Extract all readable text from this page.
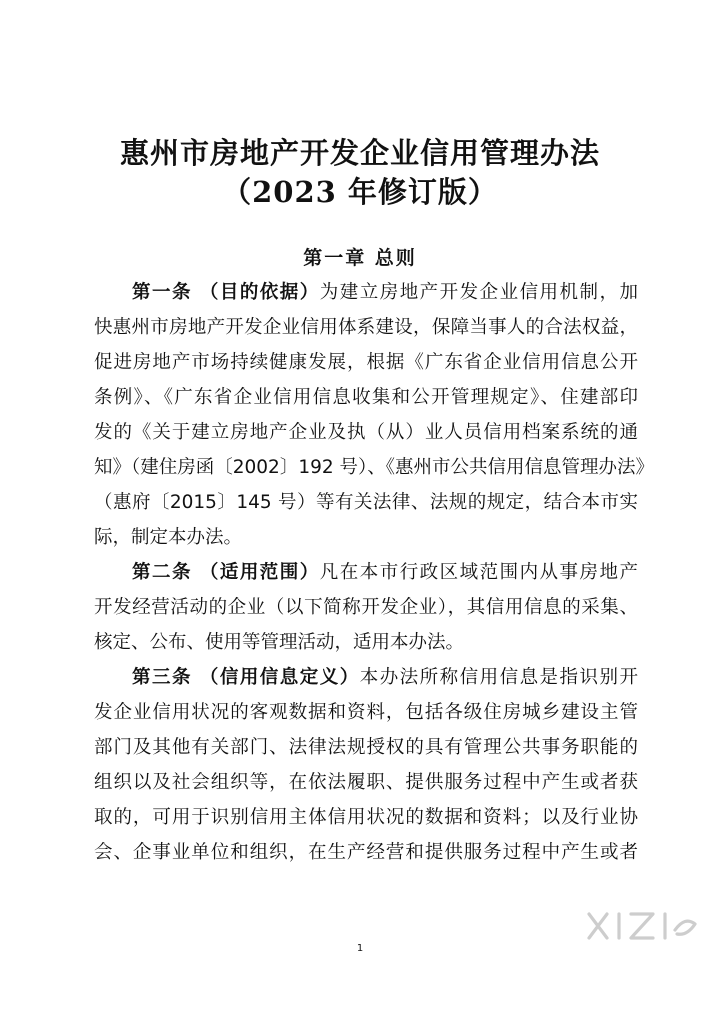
惠州市房地产开发企业信用管理办法
（2023 年修订版）
第一章 总则
第一条 （目的依据）为建立房地产开发企业信用机制，加
快惠州市房地产开发企业信用体系建设，保障当事人的合法权益，
促进房地产市场持续健康发展，根据《广东省企业信用信息公开
条例》、《广东省企业信用信息收集和公开管理规定》、住建部印
发的《关于建立房地产企业及执（从）业人员信用档案系统的通
知》（建住房函〔2002〕192 号）、《惠州市公共信用信息管理办法》
（惠府〔2015〕145 号）等有关法律、法规的规定，结合本市实
际，制定本办法。
第二条 （适用范围）凡在本市行政区域范围内从事房地产
开发经营活动的企业（以下简称开发企业），其信用信息的采集、
核定、公布、使用等管理活动，适用本办法。
第三条 （信用信息定义）本办法所称信用信息是指识别开
发企业信用状况的客观数据和资料，包括各级住房城乡建设主管
部门及其他有关部门、法律法规授权的具有管理公共事务职能的
组织以及社会组织等，在依法履职、提供服务过程中产生或者获
取的，可用于识别信用主体信用状况的数据和资料；以及行业协
会、企事业单位和组织，在生产经营和提供服务过程中产生或者
1
